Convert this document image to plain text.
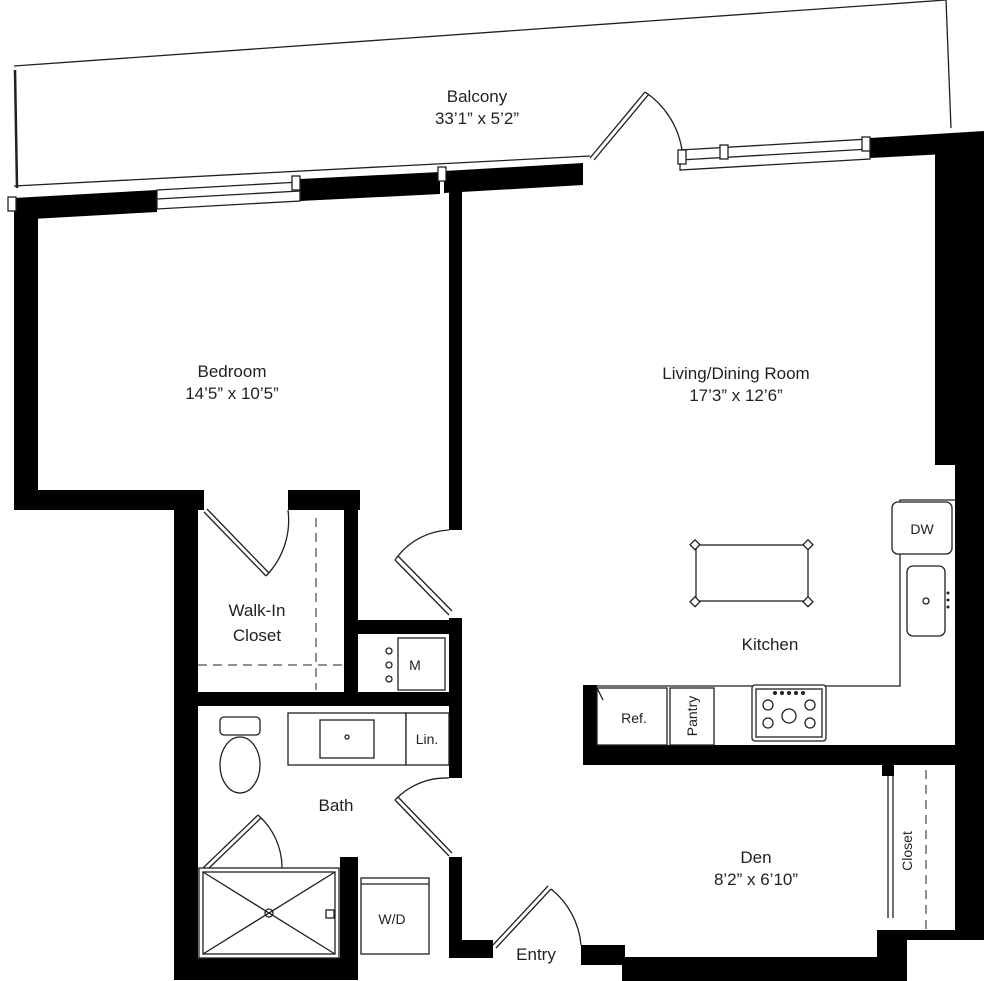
Balcony
33’1” x 5’2”
Bedroom
14’5” x 10’5”
Living/Dining Room
17’3” x 12’6”
Walk-In
Closet	Kitchen
Bath
Den
8’2” x 6’10”
Entry
Closet
DW
Ref.	Pantry
M
Lin.
W/D
